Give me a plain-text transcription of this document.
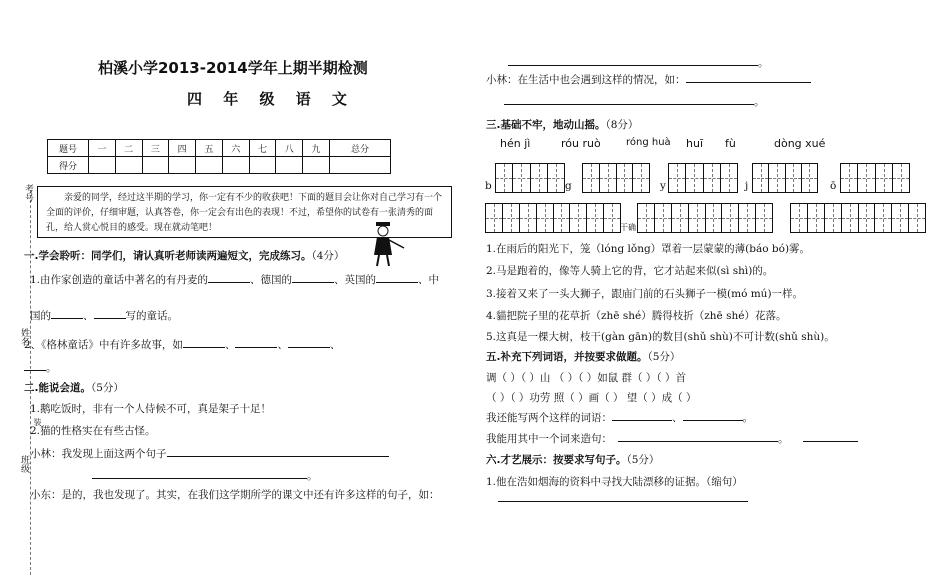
考号
姓名
装
班级
柏溪小学2013-2014学年上期半期检测
四 年 级 语 文
题号	一	二	三	四	五	六	七	八	九	总分
得分										
亲爱的同学，经过这半期的学习，你一定有不少的收获吧！下面的题目会让你对自己学习有一个全面的评价，仔细审题，认真答卷，你一定会有出色的表现！不过，希望你的试卷有一张清秀的面孔，给人赏心悦目的感受。现在就动笔吧！
一.学会聆听：同学们，请认真听老师读两遍短文，完成练习。（4分）
1.由作家创造的童话中著名的有丹麦的	、德国的	、英国的	、中
国的	、	写的童话。
2、《格林童话》中有许多故事，如	、	、	、
。
二.能说会道。（5分）
1.鹅吃饭时，非有一个人侍候不可，真是架子十足！
2.猫的性格实在有些古怪。
小林：我发现上面这两个句子
。
小东：是的，我也发现了。其实，在我们这学期所学的课文中还有许多这样的句子，如：
。
小林：在生活中也会遇到这样的情况，如：
。
三.基础不牢，地动山摇。（8分）
hén jì	róu ruò	róng huà huī fù	dòng xué
b	g	y	j	ō
干确
1.在雨后的阳光下，笼（lóng lǒng）罩着一层蒙蒙的薄(báo bó)雾。
2.马是跑着的，像等人骑上它的背，它才站起来似(sì shì)的。
3.接着又来了一头大狮子，跟庙门前的石头狮子一模(mó mú)一样。
4.貓把院子里的花草折（zhē shé）腾得枝折（zhē shé）花落。
5.这真是一棵大树，枝干(gàn gān)的数目(shǔ shù)不可计数(shǔ shù)。
五.补充下列词语，并按要求做题。（5分）
调（ ）（ ）山 （ ）（ ）如鼠 群（ ）（ ）首
（ ）（ ）功劳 照（ ）画（ ） 望（ ）成（ ）
我还能写两个这样的词语：	、	。
我能用其中一个词来造句：	。
六.才艺展示：按要求写句子。（5分）
1.他在浩如烟海的资料中寻找大陆漂移的证据。（缩句）
